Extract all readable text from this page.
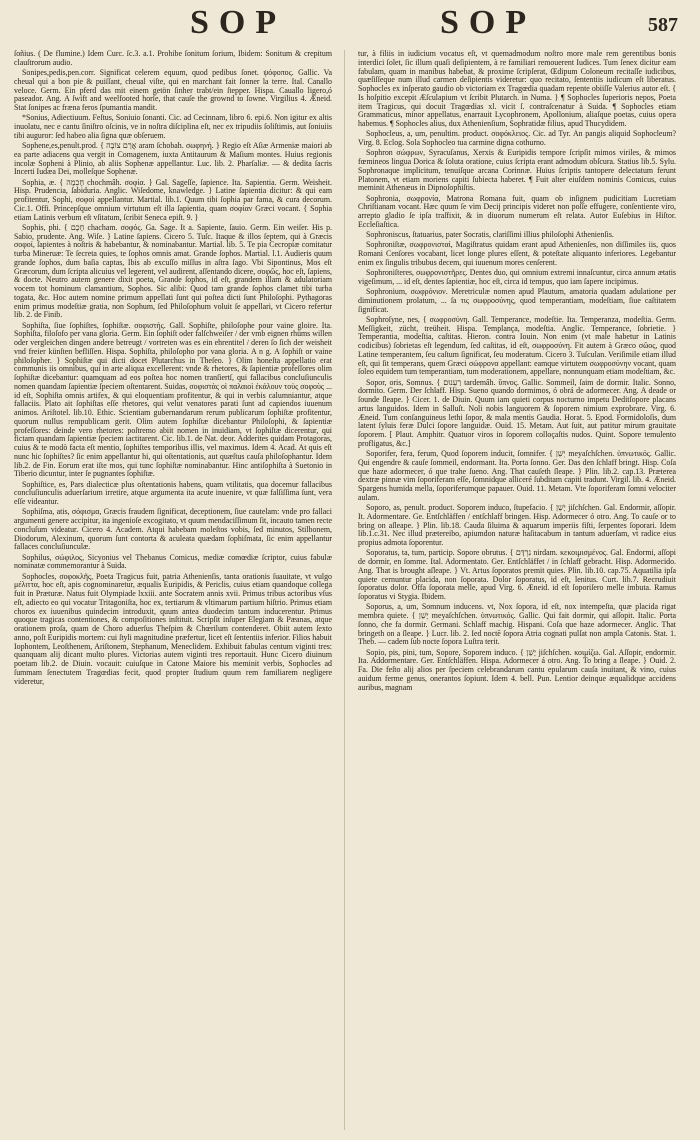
SOP	SOP	587

ſoñius. ( De flumine.) Idem Curc. ſc.3. a.1. Prohibe ſonitum ſorium, Ibidem: Sonitum & crepitum clauſtrorum audio.

Sonipes,pedis,pen.corr. Significat celerem equum, quod pedibus ſonet. ψόφοπος. Gallic. Va cheual qui a bon pie & puiſſant, cheual viſte, qui en marchant fait ſonner la terre. Ital. Canallo veloce. Germ. Ein pferd das mit einem getön ſinher trabt/ein ſtepper. Hispa. Cauallo ligero,ó paseador. Ang. A ſwift and weelfooted horſe, that cauſe the grownd to ſowne. Virgilius 4. Æneid. Stat ſonipes ac fræna feros ſpumantia mandit.

*Sonius, Adiectiuum. Feſtus, Soniuio ſonanti. Cic. ad Cecinnam, libro 6. epi.6. Non igitur ex altis inuolatu, nec e cantu ſiniſtro oſcinis, ve in noſtra diſciplina eſt, nec ex tripudiis ſoliſtimis, aut ſoniuiis tibi auguror: ſed habeo alia ſigna quæ obſeruem.

Sophene,es,penult.prod. { אֲרַם צוֹבָה aram ſchobah. σωφηνή. } Regio eſt Aſiæ Armeniæ maiori ab ea parte adiacens qua vergit in Comagenem, iuxta Antitaurum & Maſium montes. Huius regionis incolæ Sopheni à Plinio, ab aliis Sophenæ appellantur. Luc. lib. 2. Pharſaliæ. — & dedita ſacris Incerti Iudæa Dei, molleſque Sophenæ.

Sophia, æ. { חָכְמָה chochmâh. σοφία. } Gal. Sageſſe, ſapience. Ita. Sapientia. Germ. Weisheit. Hisp. Prudencia, ſabiduria. Anglic. Wiſedome, knawledge. } Latine ſapientia dicitur: & qui eam profitentur, Sophi, σοφοί appellantur. Martial. lib.1. Quum tibi ſophia par fama, & cura decorum. Cic.1. Offi. Princepſque omnium virtutum eſt illa ſapientia, quam σοφίαν Græci vocant. { Sophia etiam Latinis verbum eſt vſitatum, ſcribit Seneca epiſt. 9. }

Sophis, phi. { חָכָם chacham. σοφός. Ga. Sage. It a. Sapiente, ſauio. Germ. Ein weiſer. His p. Sabio, prudente. Ang. Wiſe. } Latine ſapiens. Cicero 5. Tuſc. Itaque & illos ſeptem, qui à Græcis σοφοί, ſapientes à noſtris & habebantur, & nominabantur. Martial. lib. 5. Te pia Cecropiæ comitatur turba Mineruæ: Te ſecreta quies, te ſophos omnis amat. Grande ſophos. Martial. l.1. Audieris quum grande ſophos, dum baſia captas, Ibis ab excuſſo miſſus in aſtra ſago. Vbi Sipontinus, Mos eſt Græcorum, dum ſcripta alicuius vel legerent, vel audirent, aſſentando dicere, σοφῶς, hoc eſt, ſapiens, & docte. Neutro autem genere dixit poeta, Grande ſophos, id eſt, grandem illam & adulatoriam vocem tot hominum clamantium, Sophos. Sic alibi: Quod tam grande ſophos clamet tibi turba togata, &c. Hoc autem nomine primum appellati ſunt qui poſtea dicti ſunt Philoſophi. Pythagoras enim primus modeſtiæ gratia, non Sophum, ſed Philoſophum voluit ſe appellari, vt Cicero refertur lib. 2. de Finib.

Sophiſta, ſiue ſophiſtes, ſophiſtæ. σοφιστής. Gall. Sophiſte, philoſophe pour vaine gloire. Ita. Sophiſta, filoſofo per vana gloria. Germ. Ein ſophiſt oder falſchweiſer / der vmb eignen rhüms willen oder vergleichen dingen andere betreugt / vortreten was es ein ehrentitel / deren ſo ſich der weisheit vnd freier künſten befliſſen. Hispa. Sophiſta, philoſopho por vana gloria. A n g. A ſophiſt or vaine philoſopher. } Sophiſtæ qui dicti docet Plutarchus in Theſeo. } Olim honeſta appellatio erat communis iis omnibus, qui in arte aliqua excellerent: vnde & rhetores, & ſapientiæ profeſſores olim ſophiſtæ dicebantur: quamquam ad eos poſtea hoc nomen tranſiertſ, qui fallacibus concluſiunculis nomen quandam ſapientiæ ſpeciem oſtentarent. Suidas, σοφιστὰς οἱ παλαιοὶ ἐκάλουν τοὺς σοφοὺς ... id eſt, Sophiſta omnis artifex, & qui eloquentiam profitentur, & qui in verbis calumniantur, atque fallaciis. Plato ait ſophiſtas eſſe rhetores, qui velut venatores parati ſunt ad capiendos iuuenum animos. Ariſtotel. lib.10. Ethic. Scientiam gubernandarum rerum publicarum ſophiſtæ profitentur, quorum nullus rempublicam gerit. Olim autem ſophiſtæ dicebantur Philoſophi, & ſapientiæ profeſſores: deinde vero rhetores: poſtremo abiit nomen in inuidiam, vt ſophiſtæ dicerentur, qui fictam quandam ſapientiæ ſpeciem iactitarent. Cic. lib.1. de Nat. deor. Adderites quidam Protagoras, cuius & te modò facta eſt mentio, ſophiſtes temporibus illis, vel maximus. Idem 4. Acad. At quis eſt nunc hic ſophiſtes? ſic enim appellantur hi, qui oſtentationis, aut quæſtus cauſa philoſophantur. Idem lib.2. de Fin. Eorum erat iſte mos, qui tunc ſophiſtæ nominabantur. Hinc antiſophiſta à Suetonio in Tiberio dicuntur, inter ſe pugnantes ſophiſtæ.

Sophiſtice, es, Pars dialecticæ plus oſtentationis habens, quam vtilitatis, qua docemur fallacibus concluſiunculis aduerſarium irretire, atque argumenta ita acute inuenire, vt quæ falſiſſima ſunt, vera eſſe videantur.

Sophiſma, atis, σόφισμα, Græcis fraudem ſignificat, deceptionem, ſiue cautelam: vnde pro fallaci argumenti genere accipitur, ita ingenioſe excogitato, vt quum mendaciſſimum ſit, incauto tamen recte concluſum videatur. Cicero 4. Academ. Atqui habebam moleſtos vobis, ſed minutos, Stilbonem, Diodorum, Alexinum, quorum ſunt contorta & aculeata quædam ſophiſmata, ſic enim appellantur fallaces concluſiunculæ.

Sophilus, σώφιλος, Sicyonius vel Thebanus Comicus, mediæ comœdiæ ſcriptor, cuius fabulæ nominatæ commemorantur à Suida.

Sophocles, σοφοκλῆς, Poeta Tragicus fuit, patria Athenienſis, tanta orationis ſuauitate, vt vulgo μέλιττα, hoc eſt, apis cognominaretur, æqualis Euripidis, & Periclis, cuius etiam quandoque collega fuit in Præturæ. Natus fuit Olympiade lxxiii. ante Socratem annis xvii. Primus tribus actoribus vſus eſt, adiecto eo qui vocatur Tritagoniſta, hoc ex, tertiarum & vltimarum partium hiſtrio. Primus etiam choros ex iuuenibus quindecim introduxit, quum antea duodecim tantum inducerentur. Primus quoque tragicas contentiones, & compoſitiones inſtituit. Scripſit inſuper Elegiam & Pæanas, atque orationem proſa, quam de Choro aduerſus Theſpim & Chœrilum contenderet. Obiit autem ſexto anno, poſt Euripidis mortem: cui ſtyli magnitudine præfertur, licet eſt ſententiis inferior. Filios habuit Iophontem, Leoſthenem, Ariſtonem, Stephanum, Meneclidem. Exhibuit fabulas centum viginti tres: quanquam alij dicant multo plures. Victorias autem viginti tres reportauit. Hunc Cicero diuinum poetam lib.2. de Diuin. vocauit: cuiuſque in Catone Maiore his meminit verbis, Sophocles ad ſummam ſenectutem Tragœdias fecit, quod propter ſtudium quum rem familiarem negligere videretur,

tur, à filiis in iudicium vocatus eſt, vt quemadmodum noſtro more male rem gerentibus bonis interdici ſolet, ſic illum quaſi deſipientem, à re familiari remouerent Iudices. Tum ſenex dicitur eam fabulam, quam in manibus habebat, & proxime ſcripſerat, Œdipum Coloneum recitaſſe iudicibus, quæſiſſeque num illud carmen deſipientis videretur: quo recitato, ſententiis iudicum eſt liberatus. Sophocles ex inſperato gaudio ob victoriam ex Tragœdia quadam repente obiiſſe Valerius autor eſt. { Is hoſpitio excepit Æſculapium vt ſcribit Plutarch. in Numa. } ¶ Sophocles ſuperioris nepos, Poeta item Tragicus, qui docuit Tragœdias xl. vicit ſ. contraſcenatur à Suida. ¶ Sophocles etiam Grammaticus, minor appellatus, enarrauit Lycophronem, Apollonium, aliaſque poetas, cuius opera habemus. ¶ Sophocles alius, dux Athenienſium, Sophratidæ filius, apud Thucydidem.

Sophocleus, a, um, penultim. product. σοφόκλειος. Cic. ad Tyr. An pangis aliquid Sophocleum? Virg. 8. Eclog. Sola Sophocleo tua carmine digna cothurno.

Sophron σώφρων, Syracuſanus, Xerxis & Euripidis tempore ſcripſit mimos viriles, & mimos fœmineos lingua Dorica & ſoluta oratione, cuius ſcripta erant admodum obſcura. Statius lib.5. Sylu. Sophronaque implicitum, tenuiſque arcana Corinnæ. Huius ſcriptis tantopere delectatum ferunt Platonem, vt etiam moriens capiti ſubiecta haberet. ¶ Fuit alter eiuſdem nominis Comicus, cuius meminit Athenæus in Dipnoſophiſtis.

Sophronia, σωφρονία, Matrona Romana fuit, quam ob inſignem pudicitiam Lucretiam Chriſtianam vocant. Hæc quum ſe vim Decij principis videret non poſſe effugere, conſentiente viro, arrepto gladio ſe ipſa traſfixit, & in diuorum numerum eſt relata. Autor Euſebius in Hiſtor. Eccleſiaſtica.

Sophroniscus, ſtatuarius, pater Socratis, clariſſimi illius philoſophi Athenienſis.

Sophroniſtæ, σωφρονισταί, Magiſtratus quidam erant apud Athenienſes, non diſſimiles iis, quos Romani Cenſores vocabant, licet longe plures eſſent, & poteſtate aliquanto inferiores. Legebantur enim ex ſingulis tribubus decem, qui iuuenum mores cenſerent.

Sophroniſteres, σωφρονιστῆρες. Dentes duo, qui omnium extremi innaſcuntur, circa annum ætatis vigeſimum, ... id eſt, dentes ſapientiæ, hoc eſt, circa id tempus, quo iam ſapere incipimus.

Sophronium, σωφρόνιον. Meretriculæ nomen apud Plautum, amatoria quadam adulatione per diminutionem prolatum, ... ſa τις σωφροσύνης, quod temperantiam, modeſtiam, ſiue caſtitatem ſignificat.

Sophroſyne, nes, { σωφροσύνη. Gall. Temperance, modeſtie. Ita. Temperanza, modeſtia. Germ. Meſſigkeit, zücht, treüheit. Hispa. Templança, modeſtia. Anglic. Temperance, ſobrietie. } Temperantia, modeſtia, caſtitas. Hieron. contra Iouin. Non enim (vt male habetur in Latinis codicibus) ſobrietas eſt legendum, ſed caſtitas, id eſt, σωφροσύνη. Fit autem à Græco σῶος, quod Latine temperantem, ſeu caſtum ſignificat, ſeu moderatum. Cicero 3. Tuſculan. Veriſimile etiam illud eſt, qui ſit temperans, quem Græci σώφρονα appellant: eamque virtutem σωφροσύνην vocant, quam ſoleo equidem tum temperantiam, tum moderationem, appellare, nonnunquam etiam modeſtiam, &c.

Sopor, oris, Somnus. { רַעְנוּם tardemâh. ὕπνος. Gallic. Sommeil, ſaim de dormir. Italic. Sonno, dormito. Germ. Der ſchlaff. Hisp. Sueno quando dormimos, ó obrá de adormecer. Ang. A deade or ſounde ſleape. } Cicer. 1. de Diuin. Quum iam quieti corpus nocturno impetu Deditſopore placans artus languidos. Idem in Salluſt. Noli nobis languorem & ſoporem nimium exprobrare. Virg. 6. Æneid. Tum conſanguineus lethi ſopor, & mala mentis Gaudia. Horat. 5. Epod. Formidoloſis, dum latent ſyluis feræ Dulci ſopore languidæ. Ouid. 15. Metam. Aut ſuit, aut patitur mirum grauitate ſoporem. [ Plaut. Amphitr. Quatuor viros in ſoporem colloçaſtis nudos. Quint. Sopore temulento profligatus, &c.]

Soporifer, fera, ferum, Quod ſoporem inducit, ſomnifer. { יְשֵׁן meyaſchſchen. ὑπνωτικός. Gallic. Qui engendre & cauſe ſommeil, endormant. Ita. Porta ſonno. Ger. Das den ſchlaff bringt. Hisp. Coſa que haze adormecer, ó que trahe ſueno. Ang. That cauſeth ſleape. } Plin. lib.2. cap.13. Præterea dextræ pinnæ vim ſoporiferam eſſe, ſomnidque alliceré ſubditam capiti tradunt. Virgil. lib. 4. Æneid. Spargens humida mella, ſoporiferumque papauer. Ouid. 11. Metam. Vte ſoporiferam ſomni velociter aulam.

Soporo, as, penult. product. Soporem induco, ſtupefacio. { יָשֵׁן jiſchſchen. Gal. Endormir, aſſopir. It. Adormentare. Ge. Entſchläffen / entſchlaff bringen. Hisp. Adormecer ó otro. Ang. To cauſe or to bring on aſleape. } Plin. lib.18. Cauda ſiluima & aquarum imperiis fiſti, ſerpentes ſoporari. Idem lib.1.c.31. Nec illud prætereibo, apiumdon naturæ haſitacabum in tantum aduerſam, vt radice eius propius admota ſoporentur.

Soporatus, ta, tum, particip. Sopore obrutus. { נִרְדָּם nirdam. κεκοιμισμένος. Gal. Endormi, aſſopi de dormir, en ſomme. Ital. Adormentato. Ger. Entſchläffet / in ſchlaff gebracht. Hisp. Adormecido. Ang. That is brought aſleape. } Vt. Artus ſoporatos premit quies. Plin. lib.10. cap.75. Aquatilia ipſa quiete cernuntur placida, non ſoporata. Dolor ſoporatus, id eſt, lenitus. Curt. lib.7. Recrudiuit ſoporatus dolor. Offa ſoporata melle, apud Virg. 6. Æneid. id eſt ſoporiſero melle imbuta. Ramus ſoporatus vi Stygia. Ibidem.

Soporus, a, um, Somnum inducens. vt, Nox ſopora, id eſt, nox intempeſta, quæ placida rigat membra quiete. { יָשֵׁן meyaſchſchen. ὑπνωτικός. Gallic. Qui fait dormir, qui aſſopit. Italic. Porta ſonno, che fa dormir. Germani. Schlaff machig. Hispani. Coſa que haze adormecer. Anglic. That bringeth on a ſleape. } Lucr. lib. 2. Ied noctē ſopora Atria cognati pulſat non ampla Catonis. Stat. 1. Theb. — cadem ſub nocte ſopora Luſtra terit.

Sopio, pis, pini, tum, Sopore, Soporem induco. { יָשֵׁן jiſchſchen. κοιμίζω. Gal. Aſſopir, endormir. Ita. Addormentare. Ger. Entſchläffen. Hispa. Adormecer á otro. Ang. To bring a ſleape. } Ouid. 2. Fa. Die feſto alij alios per ſpeciem celebrandarum cantu epularum cauſa inuitant, & vino, cuius auidum ferme genus, onerantos ſopiunt. Idem 4. bell. Pun. Lentior deinque æqualidque accidens auribus, magnam
